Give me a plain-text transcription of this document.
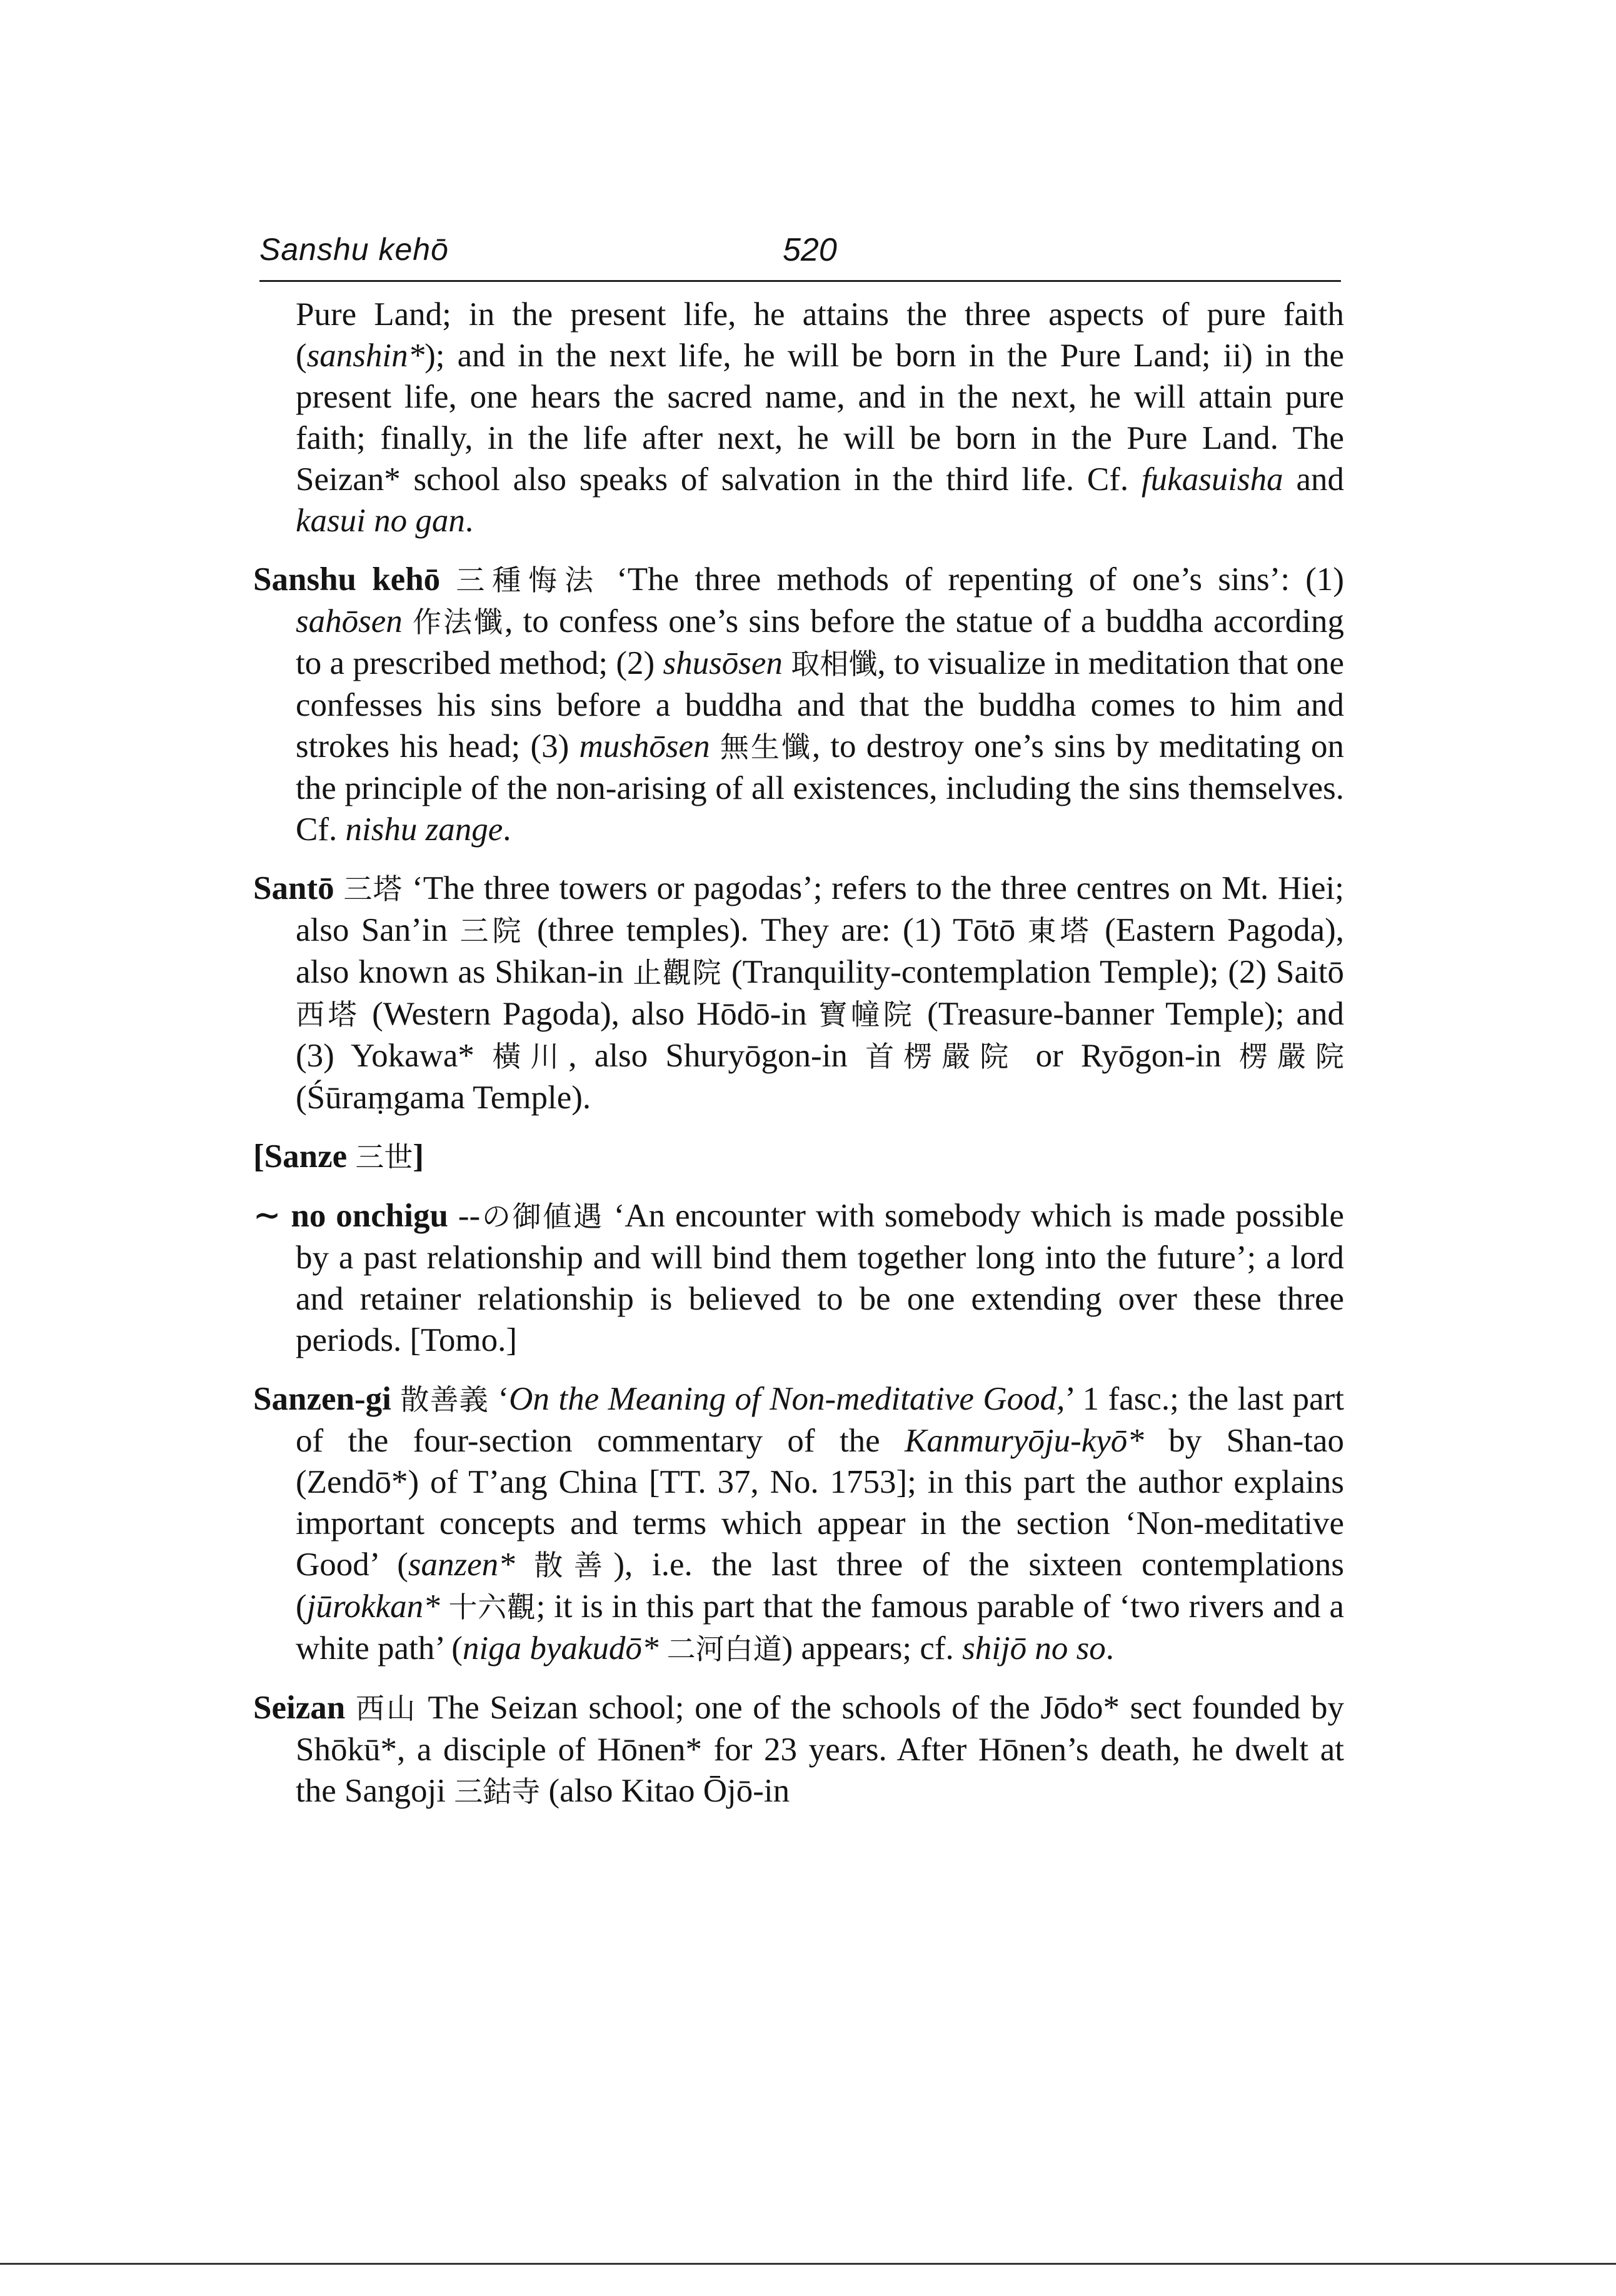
Sanshu kehō	520
Pure Land; in the present life, he attains the three aspects of pure faith (sanshin*); and in the next life, he will be born in the Pure Land; ii) in the present life, one hears the sacred name, and in the next, he will attain pure faith; finally, in the life after next, he will be born in the Pure Land. The Seizan* school also speaks of salvation in the third life. Cf. fukasuisha and kasui no gan.
Sanshu kehō 三種悔法 ‘The three methods of repenting of one’s sins’: (1) sahōsen 作法懺, to confess one’s sins before the statue of a buddha according to a prescribed method; (2) shusōsen 取相懺, to visualize in meditation that one confesses his sins before a buddha and that the buddha comes to him and strokes his head; (3) mushōsen 無生懺, to destroy one’s sins by meditating on the principle of the non-arising of all existences, including the sins themselves. Cf. nishu zange.
Santō 三塔 ‘The three towers or pagodas’; refers to the three centres on Mt. Hiei; also San’in 三院 (three temples). They are: (1) Tōtō 東塔 (Eastern Pagoda), also known as Shikan-in 止觀院 (Tranquility-contemplation Temple); (2) Saitō 西塔 (Western Pagoda), also Hōdō-in 寶幢院 (Treasure-banner Temple); and (3) Yokawa* 橫川, also Shuryōgon-in 首楞嚴院 or Ryōgon-in 楞嚴院 (Śūraṃgama Temple).
[Sanze 三世]
∼ no onchigu --の御値遇 ‘An encounter with somebody which is made possible by a past relationship and will bind them together long into the future’; a lord and retainer relationship is believed to be one extending over these three periods. [Tomo.]
Sanzen-gi 散善義 ‘On the Meaning of Non-meditative Good,’ 1 fasc.; the last part of the four-section commentary of the Kanmuryōju-kyō* by Shan-tao (Zendō*) of T’ang China [TT. 37, No. 1753]; in this part the author explains important concepts and terms which appear in the section ‘Non-meditative Good’ (sanzen* 散善), i.e. the last three of the sixteen contemplations (jūrokkan* 十六觀; it is in this part that the famous parable of ‘two rivers and a white path’ (niga byakudō* 二河白道) appears; cf. shijō no so.
Seizan 西山 The Seizan school; one of the schools of the Jōdo* sect founded by Shōkū*, a disciple of Hōnen* for 23 years. After Hōnen’s death, he dwelt at the Sangoji 三鈷寺 (also Kitao Ōjō-in
